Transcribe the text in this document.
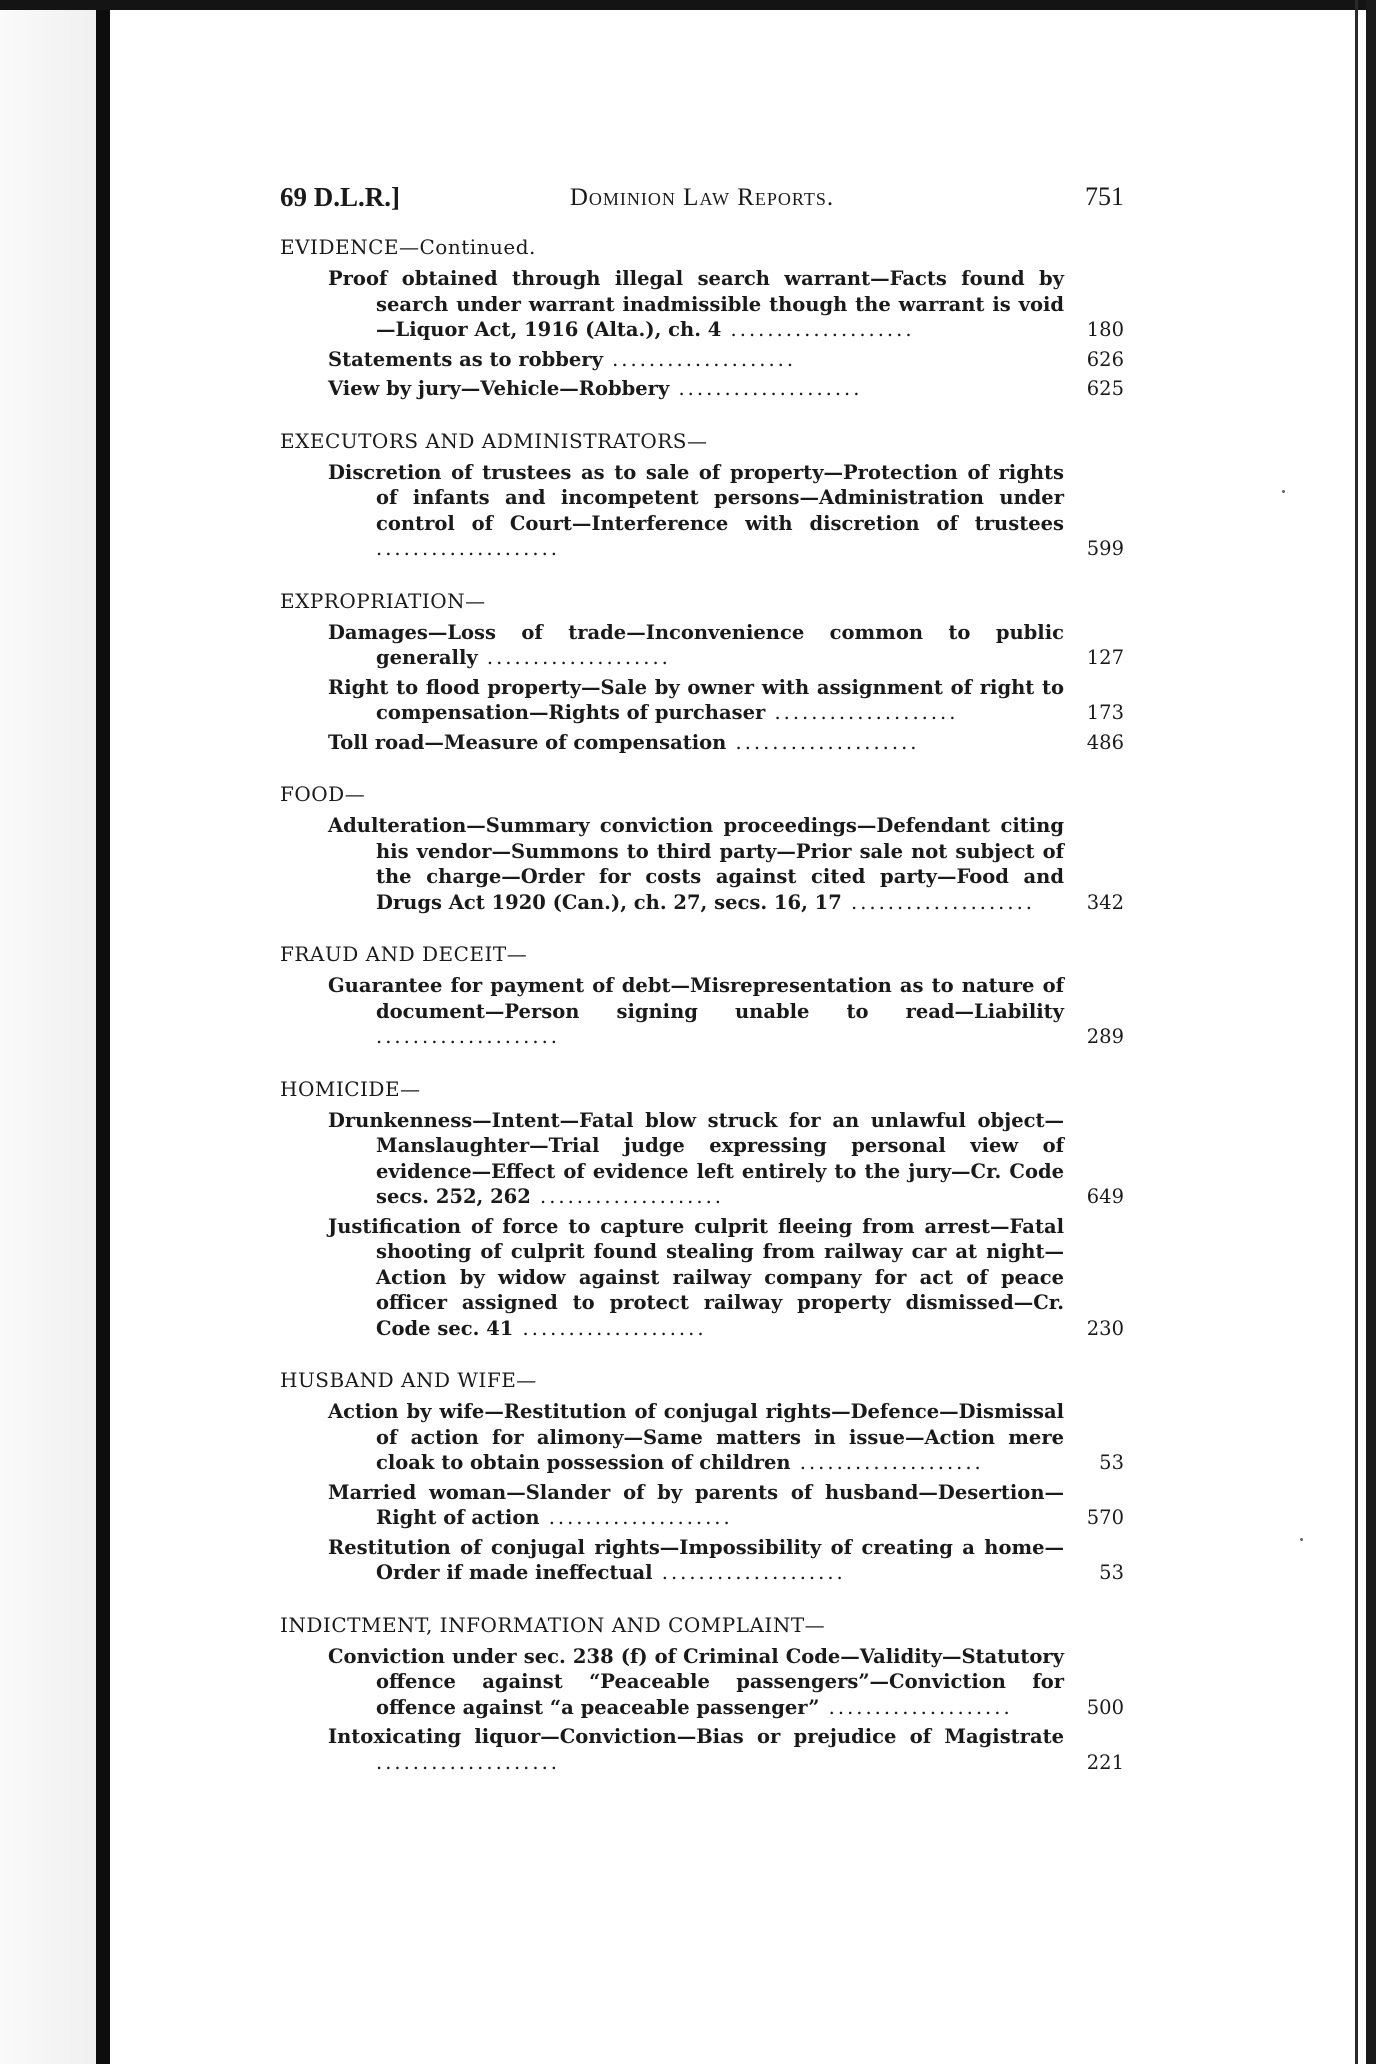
69 D.L.R.]	Dominion Law Reports.	751
EVIDENCE—Continued.
Proof obtained through illegal search warrant—Facts found by search under warrant inadmissible though the warrant is void—Liquor Act, 1916 (Alta.), ch. 4 ....................	180
Statements as to robbery ....................	626
View by jury—Vehicle—Robbery ....................	625
EXECUTORS AND ADMINISTRATORS—
Discretion of trustees as to sale of property—Protection of rights of infants and incompetent persons—Administration under control of Court—Interference with discretion of trustees ....................	599
EXPROPRIATION—
Damages—Loss of trade—Inconvenience common to public generally ....................	127
Right to flood property—Sale by owner with assignment of right to compensation—Rights of purchaser ....................	173
Toll road—Measure of compensation ....................	486
FOOD—
Adulteration—Summary conviction proceedings—Defendant citing his vendor—Summons to third party—Prior sale not subject of the charge—Order for costs against cited party—Food and Drugs Act 1920 (Can.), ch. 27, secs. 16, 17 ....................	342
FRAUD AND DECEIT—
Guarantee for payment of debt—Misrepresentation as to nature of document—Person signing unable to read—Liability ....................	289
HOMICIDE—
Drunkenness—Intent—Fatal blow struck for an unlawful object—Manslaughter—Trial judge expressing personal view of evidence—Effect of evidence left entirely to the jury—Cr. Code secs. 252, 262 ....................	649
Justification of force to capture culprit fleeing from arrest—Fatal shooting of culprit found stealing from railway car at night—Action by widow against railway company for act of peace officer assigned to protect railway property dismissed—Cr. Code sec. 41 ....................	230
HUSBAND AND WIFE—
Action by wife—Restitution of conjugal rights—Defence—Dismissal of action for alimony—Same matters in issue—Action mere cloak to obtain possession of children ....................	53
Married woman—Slander of by parents of husband—Desertion—Right of action ....................	570
Restitution of conjugal rights—Impossibility of creating a home—Order if made ineffectual ....................	53
INDICTMENT, INFORMATION AND COMPLAINT—
Conviction under sec. 238 (f) of Criminal Code—Validity—Statutory offence against “Peaceable passengers”—Conviction for offence against “a peaceable passenger” ....................	500
Intoxicating liquor—Conviction—Bias or prejudice of Magistrate ....................	221
